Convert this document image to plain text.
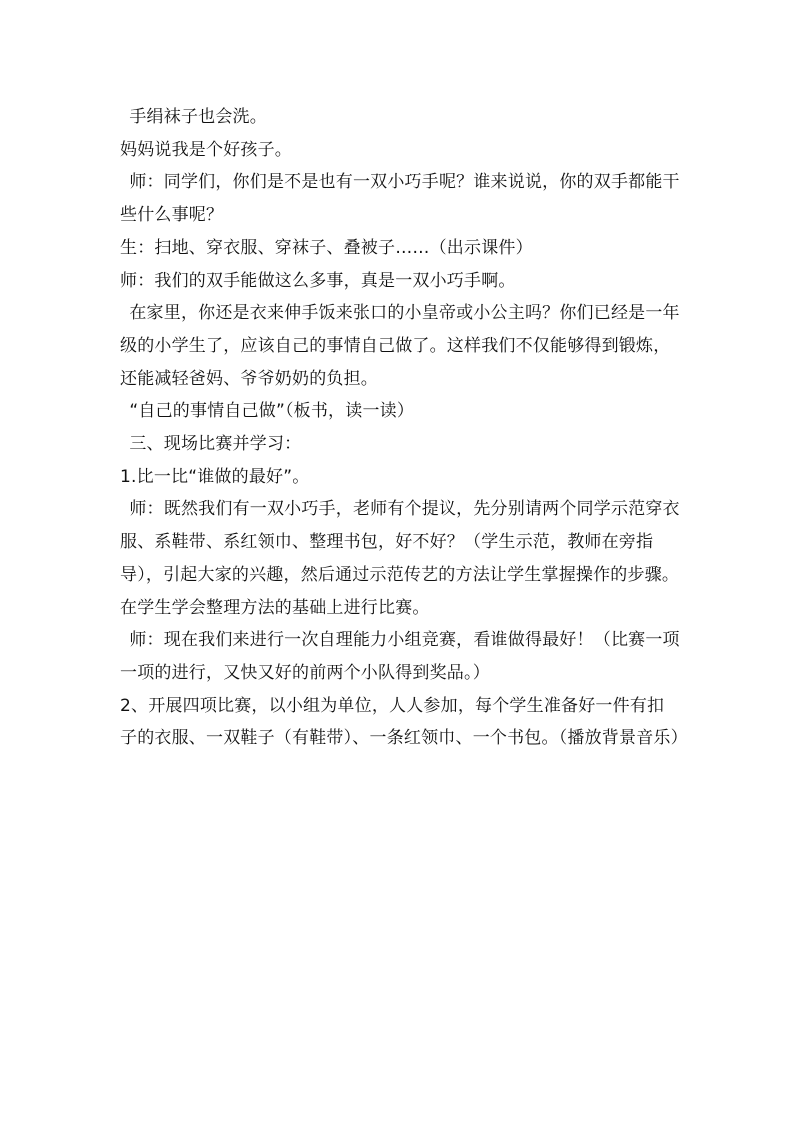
手绢袜子也会洗。

妈妈说我是个好孩子。

师：同学们，你们是不是也有一双小巧手呢？谁来说说，你的双手都能干些什么事呢？

生：扫地、穿衣服、穿袜子、叠被子……（出示课件）

师：我们的双手能做这么多事，真是一双小巧手啊。

在家里，你还是衣来伸手饭来张口的小皇帝或小公主吗？你们已经是一年级的小学生了，应该自己的事情自己做了。这样我们不仅能够得到锻炼，还能减轻爸妈、爷爷奶奶的负担。

“自己的事情自己做”（板书，读一读）

三、现场比赛并学习：

1.比一比“谁做的最好”。

师：既然我们有一双小巧手，老师有个提议，先分别请两个同学示范穿衣服、系鞋带、系红领巾、整理书包，好不好？（学生示范，教师在旁指导），引起大家的兴趣，然后通过示范传艺的方法让学生掌握操作的步骤。

在学生学会整理方法的基础上进行比赛。

师：现在我们来进行一次自理能力小组竞赛，看谁做得最好！（比赛一项一项的进行，又快又好的前两个小队得到奖品。）

2、开展四项比赛，以小组为单位，人人参加，每个学生准备好一件有扣子的衣服、一双鞋子（有鞋带）、一条红领巾、一个书包。（播放背景音乐）
